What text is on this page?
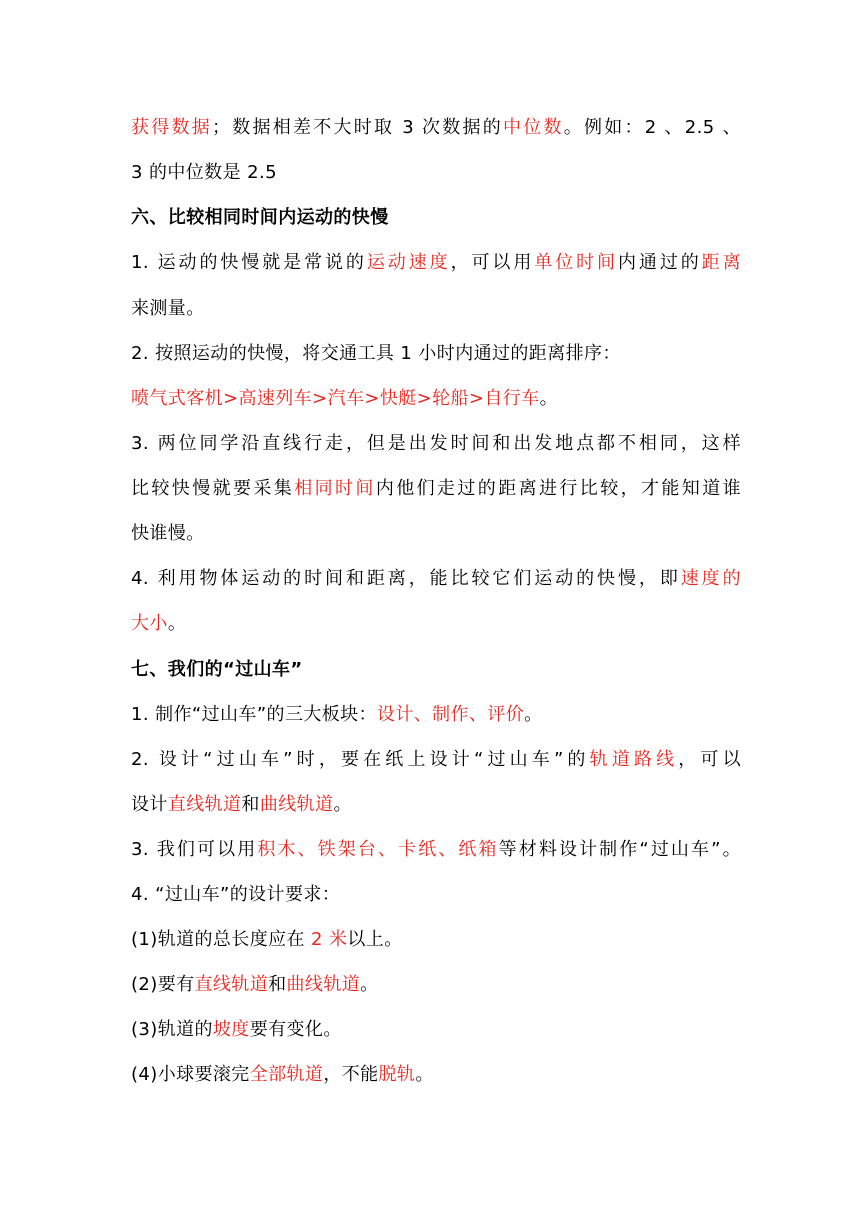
获得数据；数据相差不大时取 3 次数据的中位数。例如：2 、2.5 、
3 的中位数是 2.5
六、比较相同时间内运动的快慢
1. 运动的快慢就是常说的运动速度，可以用单位时间内通过的距离
来测量。
2. 按照运动的快慢，将交通工具 1 小时内通过的距离排序：
喷气式客机>高速列车>汽车>快艇>轮船>自行车。
3. 两位同学沿直线行走，但是出发时间和出发地点都不相同，这样
比较快慢就要采集相同时间内他们走过的距离进行比较，才能知道谁
快谁慢。
4. 利用物体运动的时间和距离，能比较它们运动的快慢，即速度的
大小。
七、我们的“过山车”
1. 制作“过山车”的三大板块：设计、制作、评价。
2. 设计“过山车”时，要在纸上设计“过山车”的轨道路线，可以
设计直线轨道和曲线轨道。
3. 我们可以用积木、铁架台、卡纸、纸箱等材料设计制作“过山车”。
4. “过山车”的设计要求：
(1)轨道的总长度应在 2 米以上。
(2)要有直线轨道和曲线轨道。
(3)轨道的坡度要有变化。
(4)小球要滚完全部轨道，不能脱轨。
